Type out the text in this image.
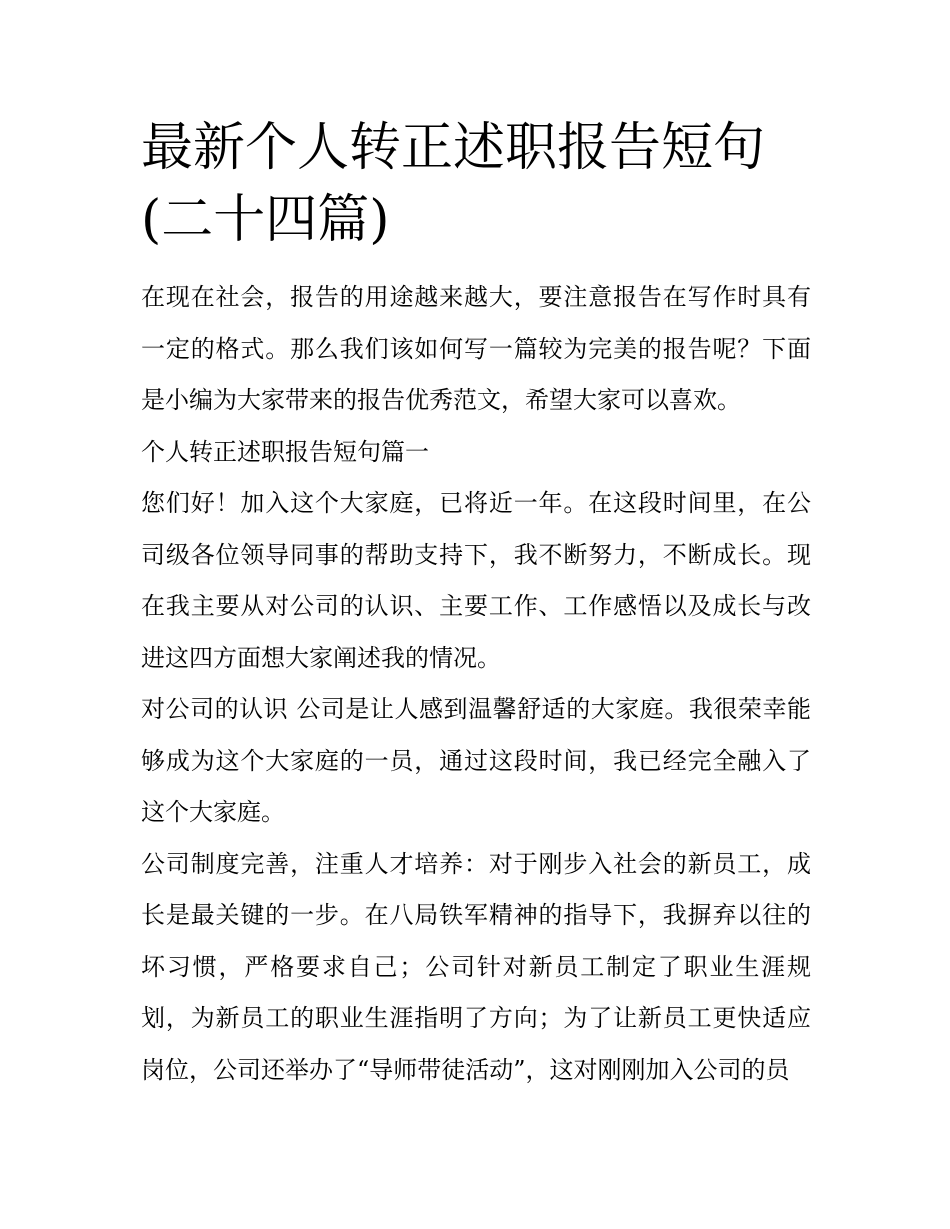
最新个人转正述职报告短句(二十四篇)

在现在社会，报告的用途越来越大，要注意报告在写作时具有一定的格式。那么我们该如何写一篇较为完美的报告呢？下面是小编为大家带来的报告优秀范文，希望大家可以喜欢。

个人转正述职报告短句篇一

您们好！加入这个大家庭，已将近一年。在这段时间里，在公司级各位领导同事的帮助支持下，我不断努力，不断成长。现在我主要从对公司的认识、主要工作、工作感悟以及成长与改进这四方面想大家阐述我的情况。

对公司的认识 公司是让人感到温馨舒适的大家庭。我很荣幸能够成为这个大家庭的一员，通过这段时间，我已经完全融入了这个大家庭。

公司制度完善，注重人才培养：对于刚步入社会的新员工，成长是最关键的一步。在八局铁军精神的指导下，我摒弃以往的坏习惯，严格要求自己；公司针对新员工制定了职业生涯规划，为新员工的职业生涯指明了方向；为了让新员工更快适应岗位，公司还举办了“导师带徒活动”，这对刚刚加入公司的员
